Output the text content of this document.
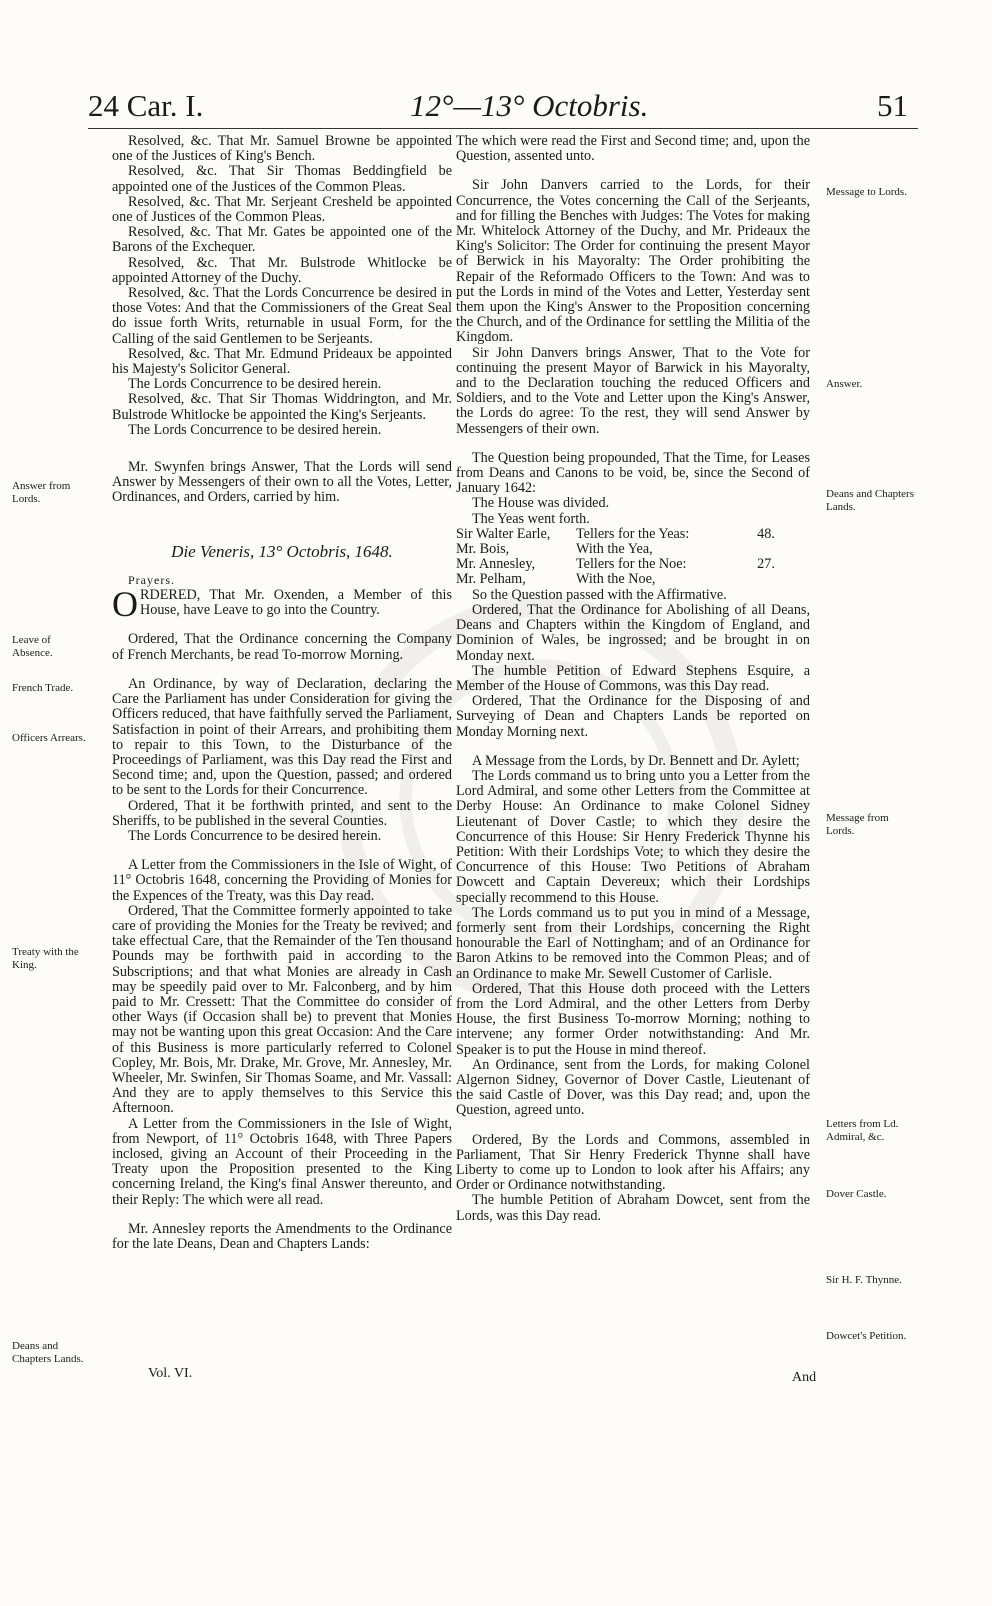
24 Car. I.	12°—13° Octobris.	51

Resolved, &c. That Mr. Samuel Browne be appointed one of the Justices of King's Bench.

Resolved, &c. That Sir Thomas Beddingfield be appointed one of the Justices of the Common Pleas.

Resolved, &c. That Mr. Serjeant Cresheld be appointed one of Justices of the Common Pleas.

Resolved, &c. That Mr. Gates be appointed one of the Barons of the Exchequer.

Resolved, &c. That Mr. Bulstrode Whitlocke be appointed Attorney of the Duchy.

Resolved, &c. That the Lords Concurrence be desired in those Votes: And that the Commissioners of the Great Seal do issue forth Writs, returnable in usual Form, for the Calling of the said Gentlemen to be Serjeants.

Resolved, &c. That Mr. Edmund Prideaux be appointed his Majesty's Solicitor General.

The Lords Concurrence to be desired herein.

Resolved, &c. That Sir Thomas Widdrington, and Mr. Bulstrode Whitlocke be appointed the King's Serjeants.

The Lords Concurrence to be desired herein.

Mr. Swynfen brings Answer, That the Lords will send Answer by Messengers of their own to all the Votes, Letter, Ordinances, and Orders, carried by him.

Die Veneris, 13° Octobris, 1648.

Prayers.

ORDERED, That Mr. Oxenden, a Member of this House, have Leave to go into the Country.

Ordered, That the Ordinance concerning the Company of French Merchants, be read To-morrow Morning.

An Ordinance, by way of Declaration, declaring the Care the Parliament has under Consideration for giving the Officers reduced, that have faithfully served the Parliament, Satisfaction in point of their Arrears, and prohibiting them to repair to this Town, to the Disturbance of the Proceedings of Parliament, was this Day read the First and Second time; and, upon the Question, passed; and ordered to be sent to the Lords for their Concurrence.

Ordered, That it be forthwith printed, and sent to the Sheriffs, to be published in the several Counties.

The Lords Concurrence to be desired herein.

A Letter from the Commissioners in the Isle of Wight, of 11° Octobris 1648, concerning the Providing of Monies for the Expences of the Treaty, was this Day read.

Ordered, That the Committee formerly appointed to take care of providing the Monies for the Treaty be revived; and take effectual Care, that the Remainder of the Ten thousand Pounds may be forthwith paid in according to the Subscriptions; and that what Monies are already in Cash may be speedily paid over to Mr. Falconberg, and by him paid to Mr. Cressett: That the Committee do consider of other Ways (if Occasion shall be) to prevent that Monies may not be wanting upon this great Occasion: And the Care of this Business is more particularly referred to Colonel Copley, Mr. Bois, Mr. Drake, Mr. Grove, Mr. Annesley, Mr. Wheeler, Mr. Swinfen, Sir Thomas Soame, and Mr. Vassall: And they are to apply themselves to this Service this Afternoon.

A Letter from the Commissioners in the Isle of Wight, from Newport, of 11° Octobris 1648, with Three Papers inclosed, giving an Account of their Proceeding in the Treaty upon the Proposition presented to the King concerning Ireland, the King's final Answer thereunto, and their Reply: The which were all read.

Mr. Annesley reports the Amendments to the Ordinance for the late Deans, Dean and Chapters Lands:

Vol. VI.

The which were read the First and Second time; and, upon the Question, assented unto.

Sir John Danvers carried to the Lords, for their Concurrence, the Votes concerning the Call of the Serjeants, and for filling the Benches with Judges: The Votes for making Mr. Whitelock Attorney of the Duchy, and Mr. Prideaux the King's Solicitor: The Order for continuing the present Mayor of Berwick in his Mayoralty: The Order prohibiting the Repair of the Reformado Officers to the Town: And was to put the Lords in mind of the Votes and Letter, Yesterday sent them upon the King's Answer to the Proposition concerning the Church, and of the Ordinance for settling the Militia of the Kingdom.

Sir John Danvers brings Answer, That to the Vote for continuing the present Mayor of Barwick in his Mayoralty, and to the Declaration touching the reduced Officers and Soldiers, and to the Vote and Letter upon the King's Answer, the Lords do agree: To the rest, they will send Answer by Messengers of their own.

The Question being propounded, That the Time, for Leases from Deans and Canons to be void, be, since the Second of January 1642:

The House was divided.

The Yeas went forth.

Sir Walter Earle,	Tellers for the Yeas:	48.
Mr. Bois,	With the Yea,
Mr. Annesley,	Tellers for the Noe:	27.
Mr. Pelham,	With the Noe,

So the Question passed with the Affirmative.

Ordered, That the Ordinance for Abolishing of all Deans, Deans and Chapters within the Kingdom of England, and Dominion of Wales, be ingrossed; and be brought in on Monday next.

The humble Petition of Edward Stephens Esquire, a Member of the House of Commons, was this Day read.

Ordered, That the Ordinance for the Disposing of and Surveying of Dean and Chapters Lands be reported on Monday Morning next.

A Message from the Lords, by Dr. Bennett and Dr. Aylett;

The Lords command us to bring unto you a Letter from the Lord Admiral, and some other Letters from the Committee at Derby House: An Ordinance to make Colonel Sidney Lieutenant of Dover Castle; to which they desire the Concurrence of this House: Sir Henry Frederick Thynne his Petition: With their Lordships Vote; to which they desire the Concurrence of this House: Two Petitions of Abraham Dowcett and Captain Devereux; which their Lordships specially recommend to this House.

The Lords command us to put you in mind of a Message, formerly sent from their Lordships, concerning the Right honourable the Earl of Nottingham; and of an Ordinance for Baron Atkins to be removed into the Common Pleas; and of an Ordinance to make Mr. Sewell Customer of Carlisle.

Ordered, That this House doth proceed with the Letters from the Lord Admiral, and the other Letters from Derby House, the first Business To-morrow Morning; nothing to intervene; any former Order notwithstanding: And Mr. Speaker is to put the House in mind thereof.

An Ordinance, sent from the Lords, for making Colonel Algernon Sidney, Governor of Dover Castle, Lieutenant of the said Castle of Dover, was this Day read; and, upon the Question, agreed unto.

Ordered, By the Lords and Commons, assembled in Parliament, That Sir Henry Frederick Thynne shall have Liberty to come up to London to look after his Affairs; any Order or Ordinance notwithstanding.

The humble Petition of Abraham Dowcet, sent from the Lords, was this Day read.

And
Answer from Lords.
Leave of Absence.
French Trade.
Officers Arrears.
Treaty with the King.
Deans and Chapters Lands.
Message to Lords.
Answer.
Deans and Chapters Lands.
Message from Lords.
Letters from Ld. Admiral, &c.
Dover Castle.
Sir H. F. Thynne.
Dowcet's Petition.
